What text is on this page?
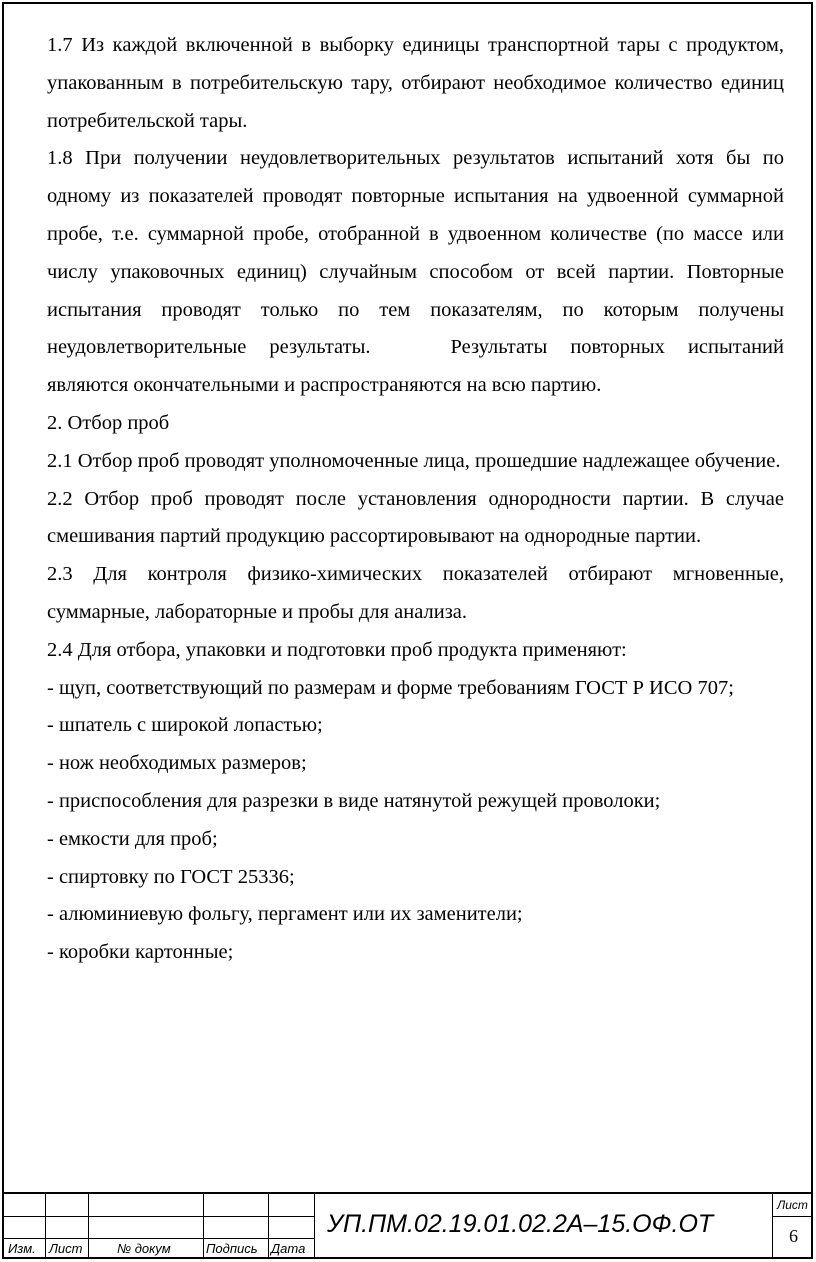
1.7 Из каждой включенной в выборку единицы транспортной тары с продуктом, упакованным в потребительскую тару, отбирают необходимое количество единиц потребительской тары.

1.8 При получении неудовлетворительных результатов испытаний хотя бы по одному из показателей проводят повторные испытания на удвоенной суммарной пробе, т.е. суммарной пробе, отобранной в удвоенном количестве (по массе или числу упаковочных единиц) случайным способом от всей партии. Повторные испытания проводят только по тем показателям, по которым получены неудовлетворительные результаты.	Результаты повторных испытаний являются окончательными и распространяются на всю партию.

2. Отбор проб

2.1 Отбор проб проводят уполномоченные лица, прошедшие надлежащее обучение.

2.2 Отбор проб проводят после установления однородности партии. В случае смешивания партий продукцию рассортировывают на однородные партии.

2.3 Для контроля физико-химических показателей отбирают мгновенные, суммарные, лабораторные и пробы для анализа.

2.4 Для отбора, упаковки и подготовки проб продукта применяют:

- щуп, соответствующий по размерам и форме требованиям ГОСТ Р ИСО 707;

- шпатель с широкой лопастью;

- нож необходимых размеров;

- приспособления для разрезки в виде натянутой режущей проволоки;

- емкости для проб;

- спиртовку по ГОСТ 25336;

- алюминиевую фольгу, пергамент или их заменители;

- коробки картонные;

Изм. Лист	№ докум	Подпись Дата
УП.ПМ.02.19.01.02.2А–15.ОФ.ОТ
Лист
6
